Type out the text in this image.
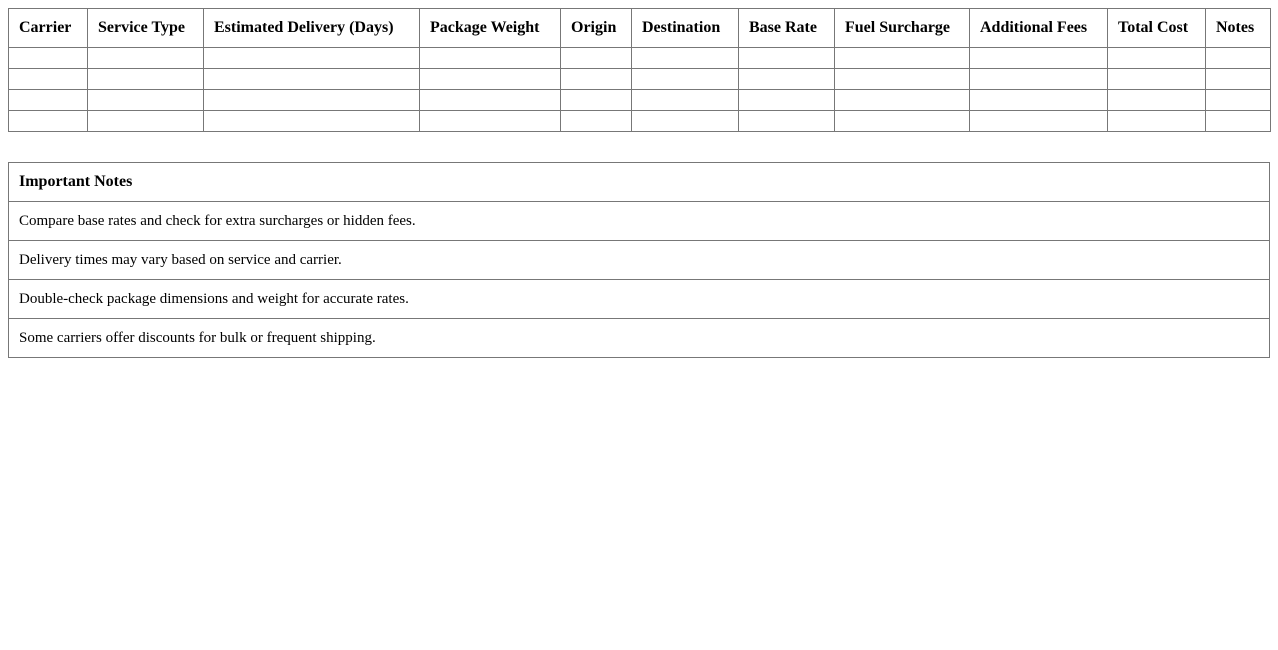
Carrier	Service Type	Estimated Delivery (Days)	Package Weight	Origin	Destination	Base Rate	Fuel Surcharge	Additional Fees	Total Cost	Notes

Important Notes
Compare base rates and check for extra surcharges or hidden fees.
Delivery times may vary based on service and carrier.
Double-check package dimensions and weight for accurate rates.
Some carriers offer discounts for bulk or frequent shipping.
